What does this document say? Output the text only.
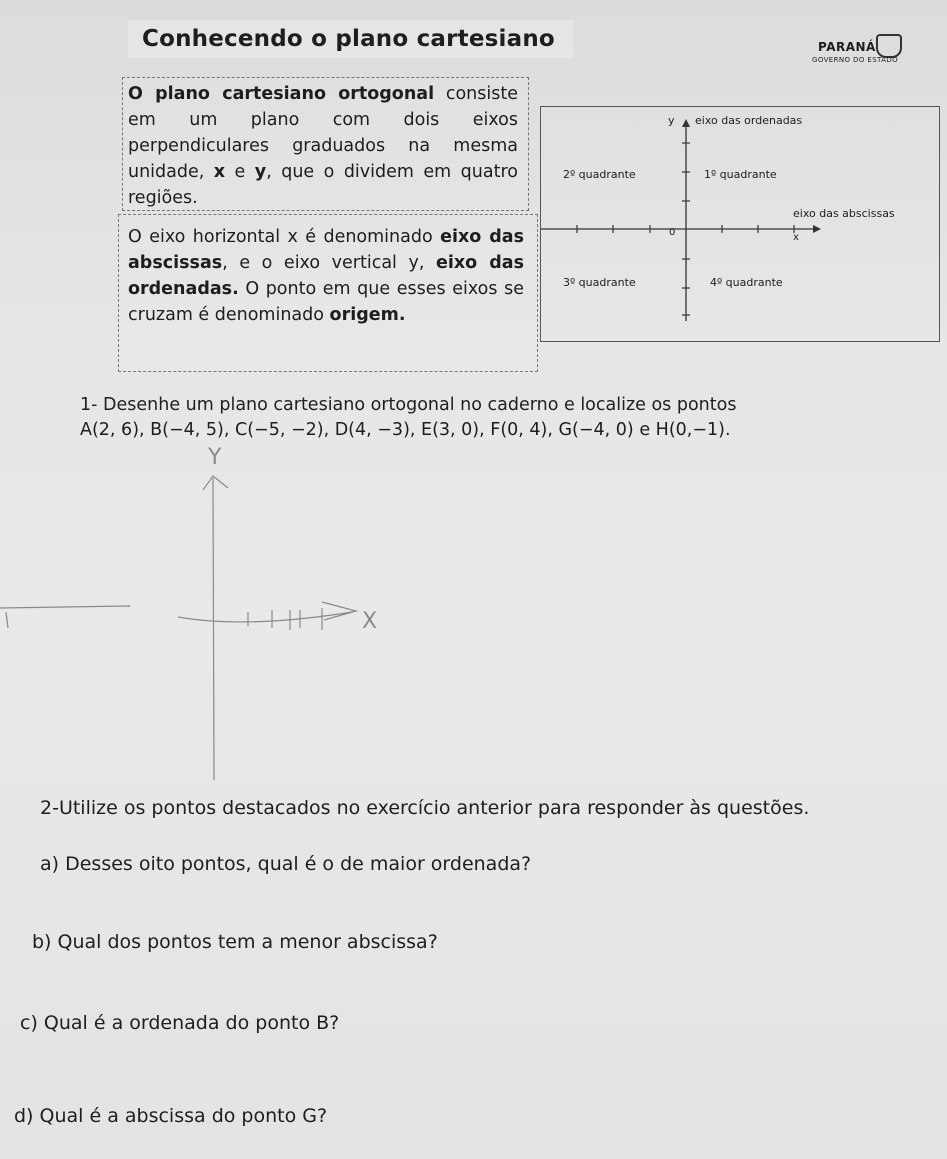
Conhecendo o plano cartesiano	PARANÁ
GOVERNO DO ESTADO
O plano cartesiano ortogonal consiste em um plano com dois eixos perpendiculares graduados na mesma unidade, x e y, que o dividem em quatro regiões.
O eixo horizontal x é denominado eixo das abscissas, e o eixo vertical y, eixo das ordenadas. O ponto em que esses eixos se cruzam é denominado origem.
y eixo das ordenadas
2º quadrante	1º quadrante
eixo das abscissas
0	x
3º quadrante	4º quadrante
1- Desenhe um plano cartesiano ortogonal no caderno e localize os pontos
A(2, 6), B(−4, 5), C(−5, −2), D(4, −3), E(3, 0), F(0, 4), G(−4, 0) e H(0,−1).
Y
X
2-Utilize os pontos destacados no exercício anterior para responder às questões.
a) Desses oito pontos, qual é o de maior ordenada?
b) Qual dos pontos tem a menor abscissa?
c) Qual é a ordenada do ponto B?
d) Qual é a abscissa do ponto G?
